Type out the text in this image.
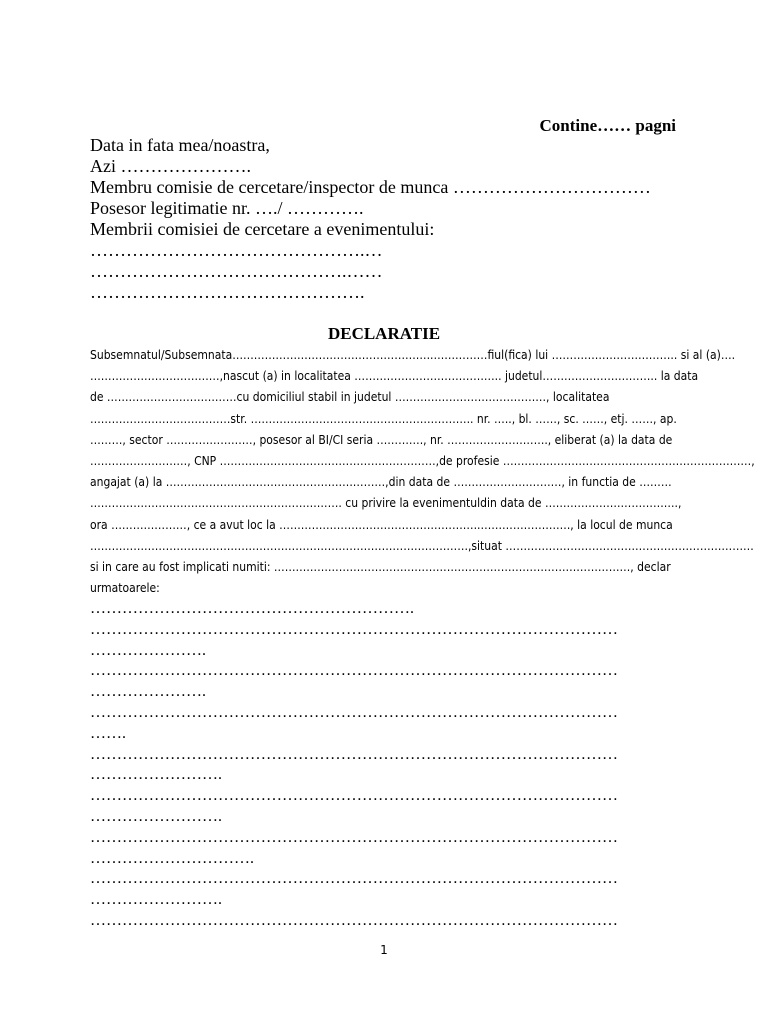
Contine…… pagni
Data in fata mea/noastra,
Azi ………………….
Membru comisie de cercetare/inspector de munca ……………………………
Posesor legitimatie nr. …./ ………….
Membrii comisiei de cercetare a evenimentului:
……………………………………….…
…………………………………….……
……………………………………….
DECLARATIE
Subsemnatul/Subsemnata………………………………………………..……………fiul(fica) lui …………………………….. si al (a)….
………………………………,nascut (a) in localitatea ………………………………….. judetul………………………….. la data
de ………………………………cu domiciliul stabil in judetul ……………………………………, localitatea
…………………………………str. …………………………………………………….. nr. ….., bl. ……, sc. ……, etj. ……, ap.
………, sector ……………………, posesor al BI/CI seria …………., nr. ………………………., eliberat (a) la data de
………………………, CNP ……………………………………………………,de profesie ……………………………………………………………,
angajat (a) la …………………………………………….………,din data de …………………………, in functi̇a de ………
……………………………………………………………. cu privire la evenimentuldin data de ……………………………….,
ora …………………, ce a avut loc la ………………………………………………..……………………., la locul de munca
……………………………………………………………………………………………,situat ……………………………………………………………
si in care au fost implicati̇ numiti̇: ………………………………………………………………………………………, declar
urmatoarele:
…………………………………………………….
………………………………………………………………………………………
………………….
………………………………………………………………………………………
………………….
………………………………………………………………………………………
…….
………………………………………………………………………………………
…………………….
………………………………………………………………………………………
…………………….
………………………………………………………………………………………
………………………….
………………………………………………………………………………………
…………………….
………………………………………………………………………………………
1
